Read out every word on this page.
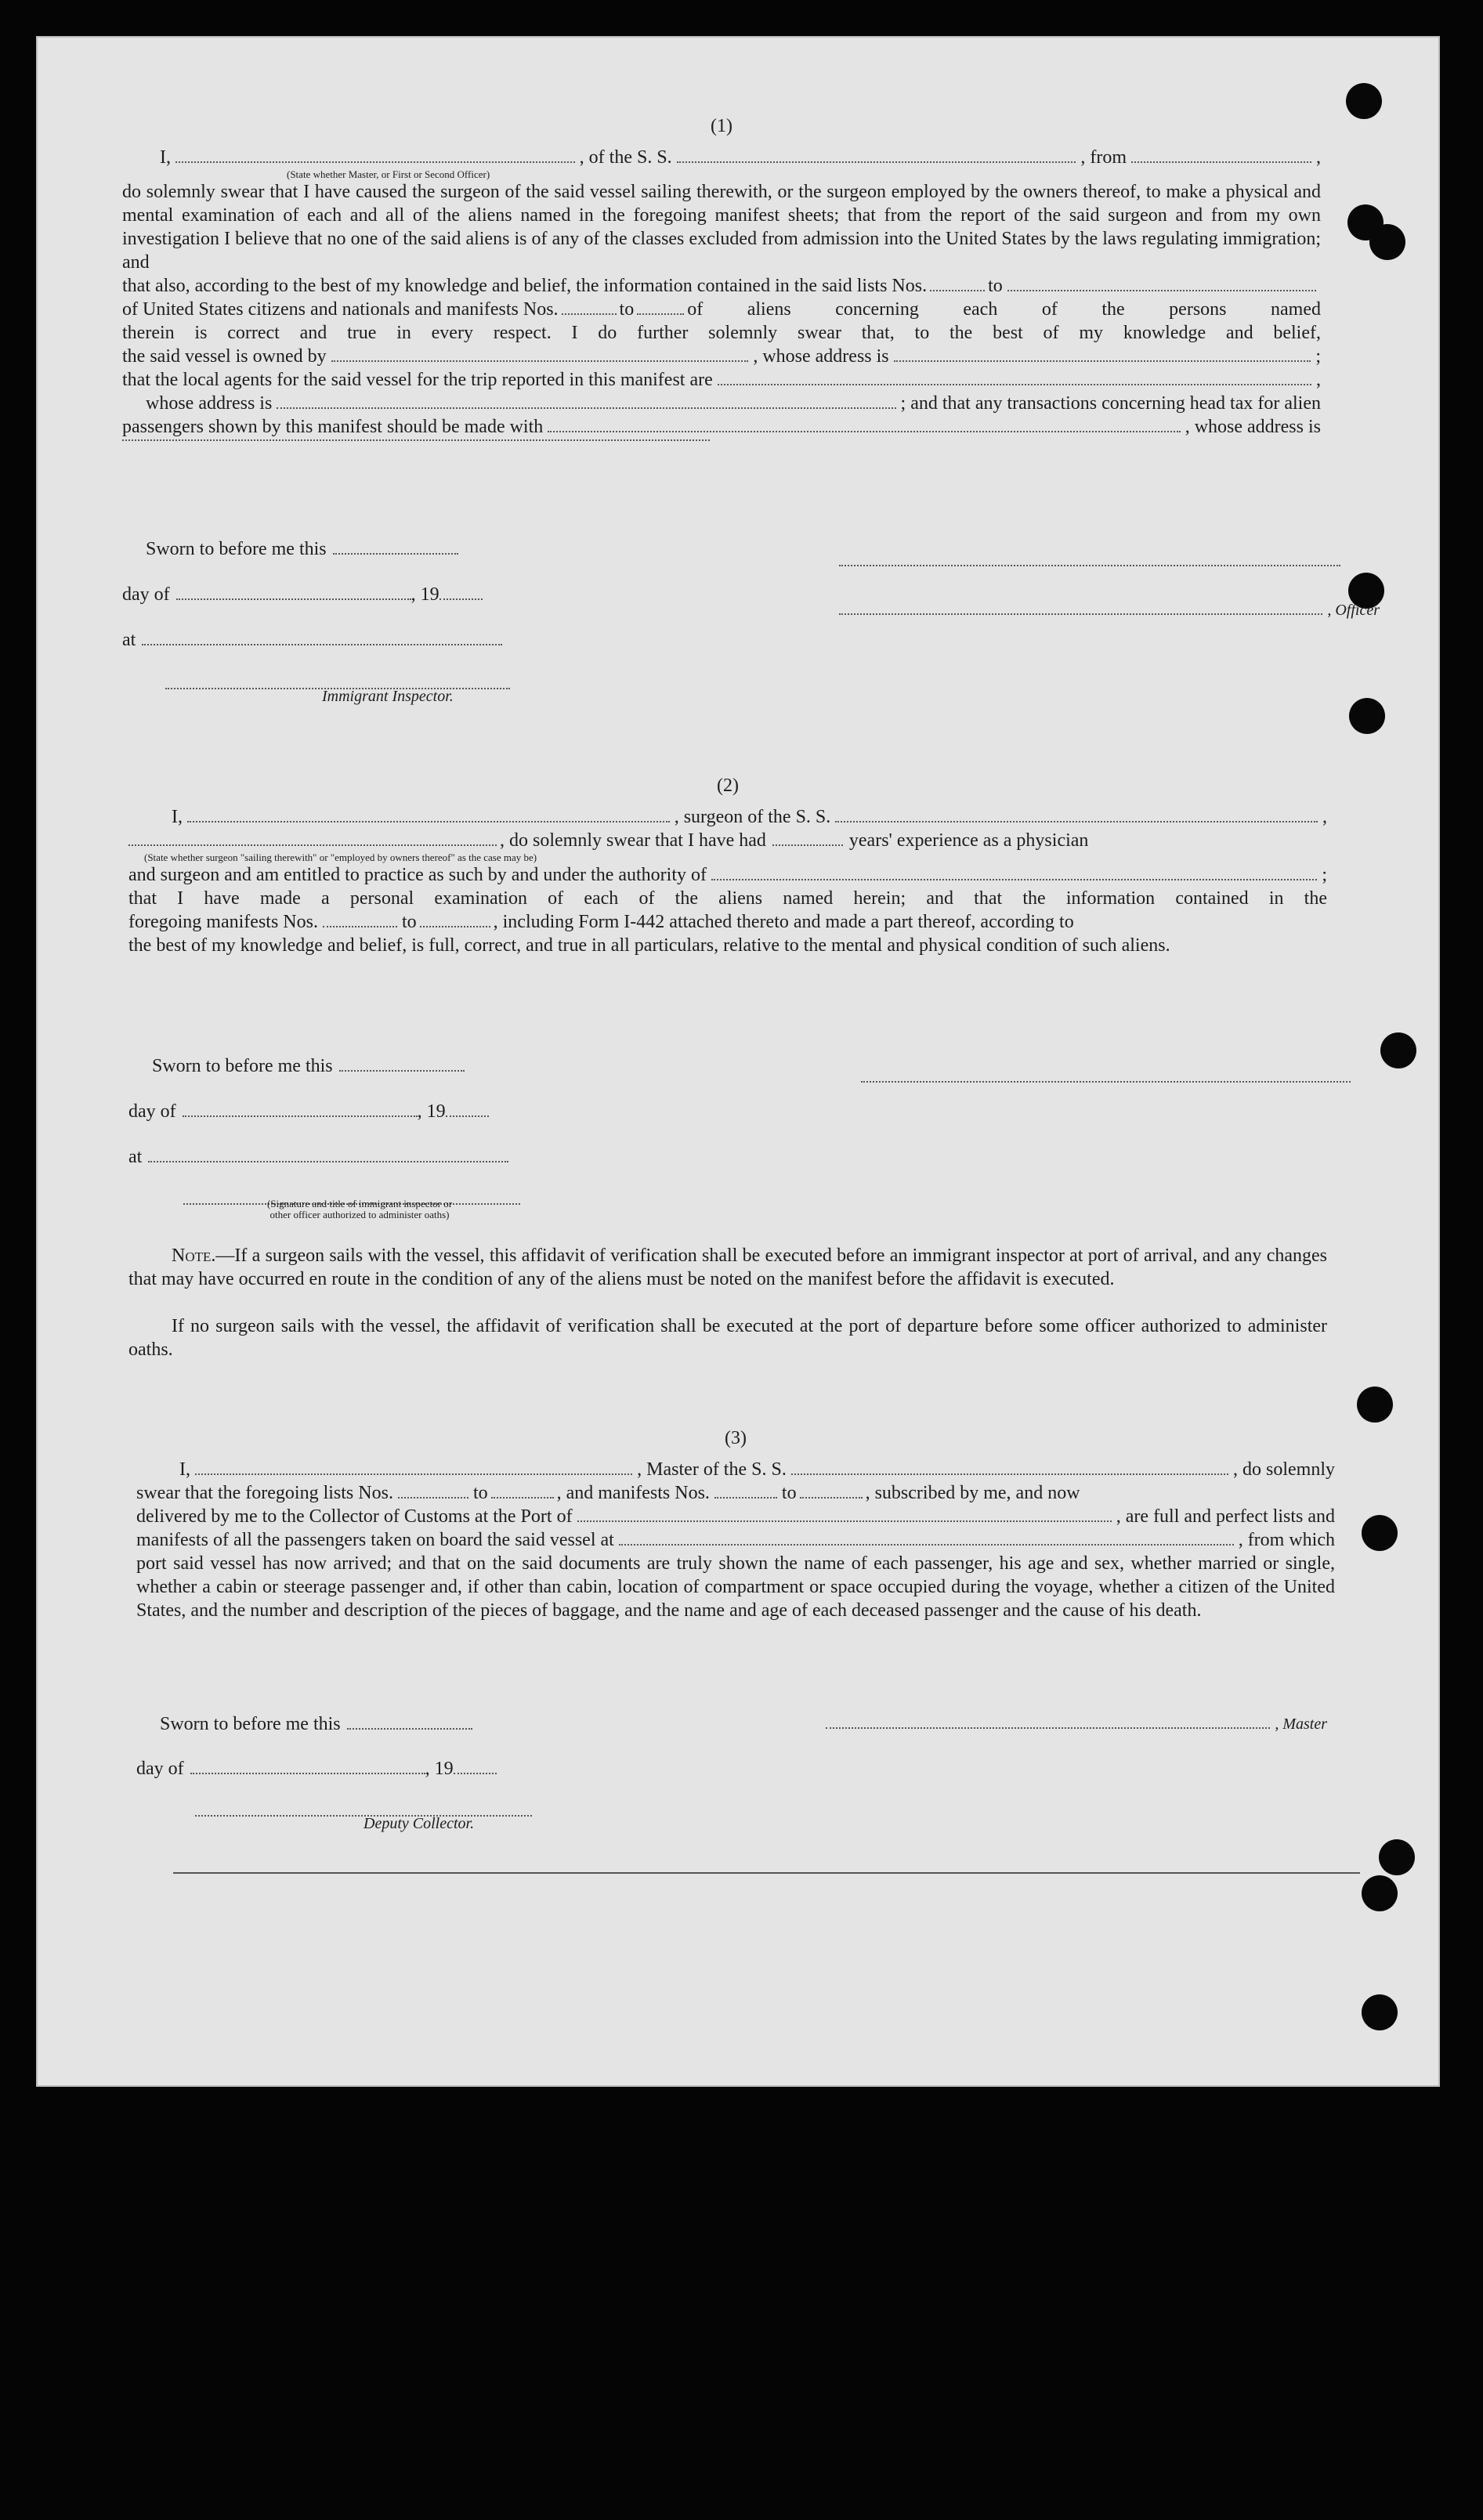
(1)
I,	, of the S. S.	, from	,
(State whether Master, or First or Second Officer)
do solemnly swear that I have caused the surgeon of the said vessel sailing therewith, or the surgeon employed by the owners thereof, to make a physical and mental examination of each and all of the aliens named in the foregoing manifest sheets; that from the report of the said surgeon and from my own investigation I believe that no one of the said aliens is of any of the classes excluded from admission into the United States by the laws regulating immigration; and
that also, according to the best of my knowledge and belief, the information contained in the said lists Nos.	to
of United States citizens and nationals and manifests Nos.	to	of aliens concerning each of the persons named
therein is correct and true in every respect. I do further solemnly swear that, to the best of my knowledge and belief,
the said vessel is owned by	, whose address is	;
that the local agents for the said vessel for the trip reported in this manifest are	,
whose address is	; and that any transactions concerning head tax for alien
passengers shown by this manifest should be made with	, whose address is
Sworn to before me this
day of	, 19
, Officer
at
Immigrant Inspector.
(2)
I,	, surgeon of the S. S.	,
, do solemnly swear that I have had	years' experience as a physician
(State whether surgeon "sailing therewith" or "employed by owners thereof" as the case may be)
and surgeon and am entitled to practice as such by and under the authority of	;
that I have made a personal examination of each of the aliens named herein; and that the information contained in the
foregoing manifests Nos.	to	, including Form I-442 attached thereto and made a part thereof, according to
the best of my knowledge and belief, is full, correct, and true in all particulars, relative to the mental and physical condition of such aliens.
Sworn to before me this
day of	, 19
at
(Signature and title of immigrant inspector or
other officer authorized to administer oaths)
Note.—If a surgeon sails with the vessel, this affidavit of verification shall be executed before an immigrant inspector at port of arrival, and any changes that may have occurred en route in the condition of any of the aliens must be noted on the manifest before the affidavit is executed.
If no surgeon sails with the vessel, the affidavit of verification shall be executed at the port of departure before some officer authorized to administer oaths.
(3)
I,	, Master of the S. S.	, do solemnly
swear that the foregoing lists Nos.	to	, and manifests Nos.	to	, subscribed by me, and now
delivered by me to the Collector of Customs at the Port of	, are full and perfect lists and
manifests of all the passengers taken on board the said vessel at	, from which
port said vessel has now arrived; and that on the said documents are truly shown the name of each passenger, his age and sex, whether married or single, whether a cabin or steerage passenger and, if other than cabin, location of compartment or space occupied during the voyage, whether a citizen of the United States, and the number and description of the pieces of baggage, and the name and age of each deceased passenger and the cause of his death.
Sworn to before me this	, Master
day of	, 19
Deputy Collector.
